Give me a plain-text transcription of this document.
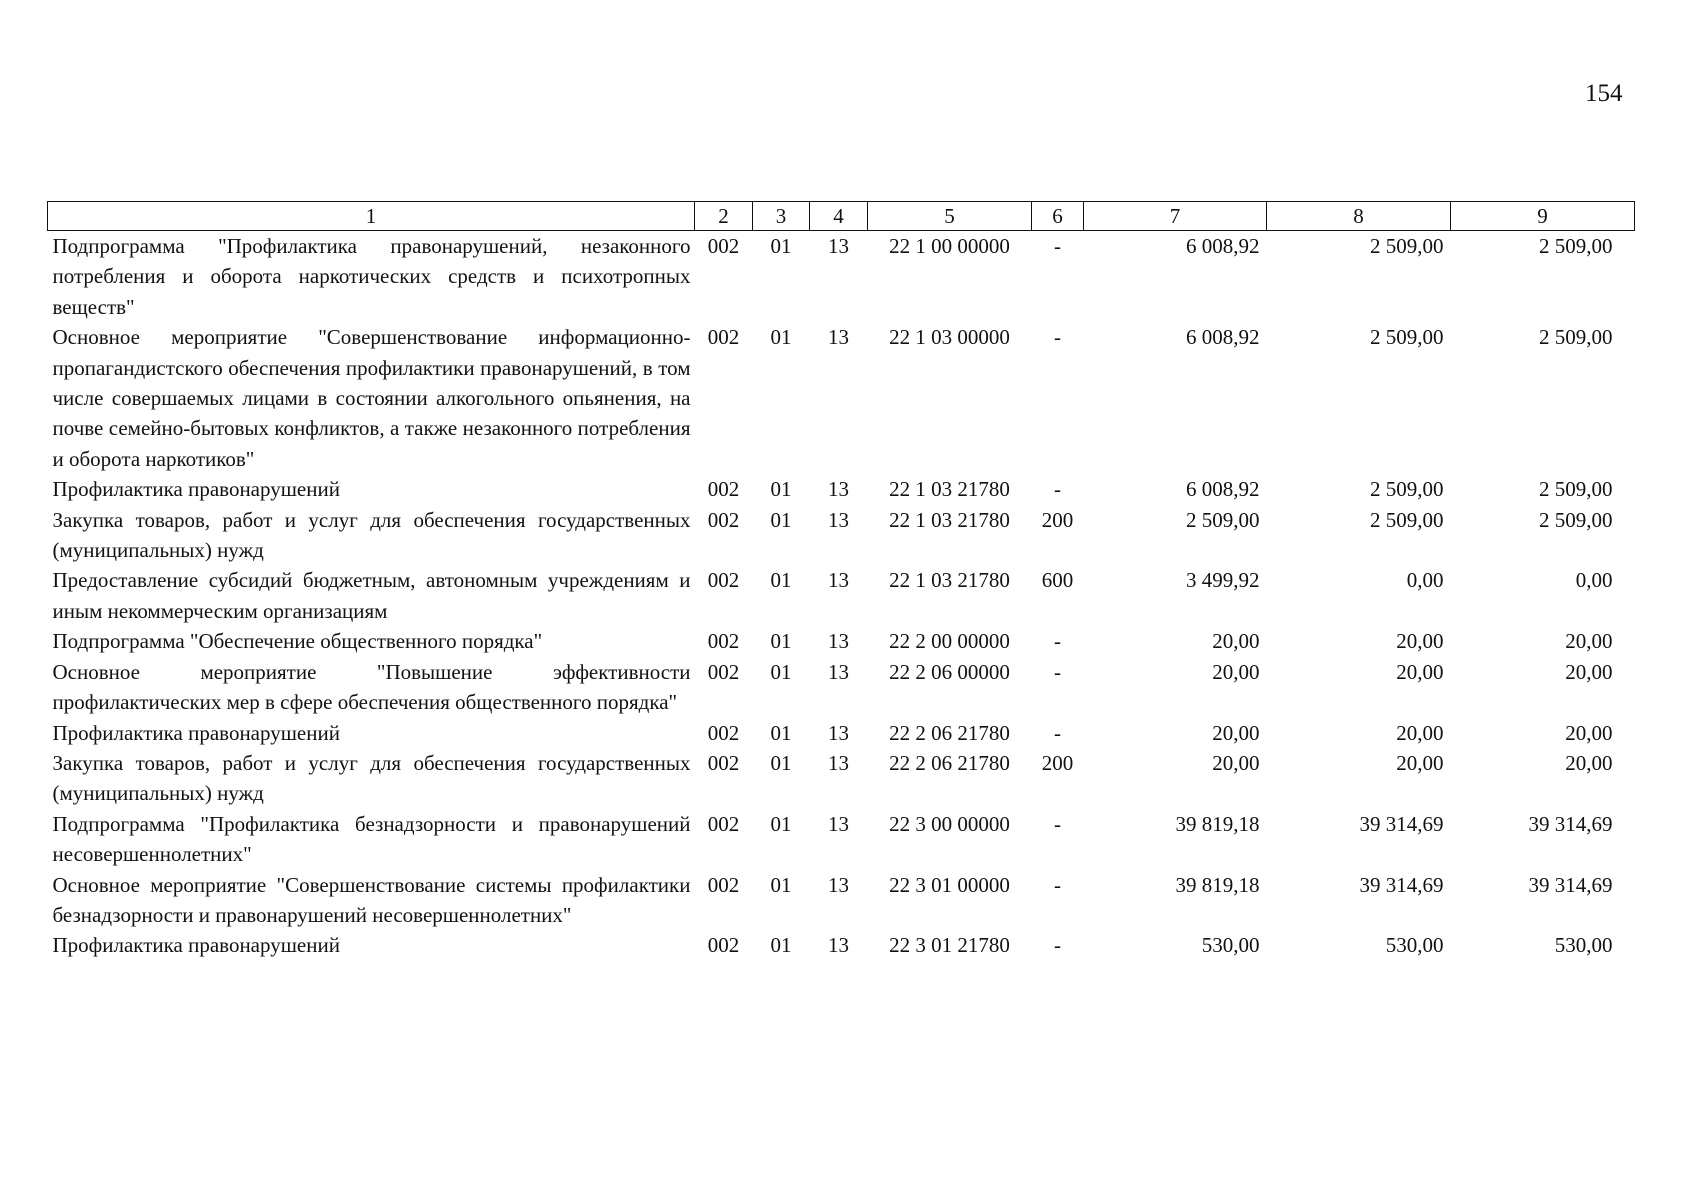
154
1	2	3	4	5	6	7	8	9
Подпрограмма "Профилактика правонарушений, незаконного потребления и оборота наркотических средств и психотропных веществ"	002	01	13	22 1 00 00000	-	6 008,92	2 509,00	2 509,00
Основное мероприятие "Совершенствование информационно-пропагандистского обеспечения профилактики правонарушений, в том числе совершаемых лицами в состоянии алкогольного опьянения, на почве семейно-бытовых конфликтов, а также незаконного потребления и оборота наркотиков"	002	01	13	22 1 03 00000	-	6 008,92	2 509,00	2 509,00
Профилактика правонарушений	002	01	13	22 1 03 21780	-	6 008,92	2 509,00	2 509,00
Закупка товаров, работ и услуг для обеспечения государственных (муниципальных) нужд	002	01	13	22 1 03 21780	200	2 509,00	2 509,00	2 509,00
Предоставление субсидий бюджетным, автономным учреждениям и иным некоммерческим организациям	002	01	13	22 1 03 21780	600	3 499,92	0,00	0,00
Подпрограмма "Обеспечение общественного порядка"	002	01	13	22 2 00 00000	-	20,00	20,00	20,00
Основное мероприятие "Повышение эффективности профилактических мер в сфере обеспечения общественного порядка"	002	01	13	22 2 06 00000	-	20,00	20,00	20,00
Профилактика правонарушений	002	01	13	22 2 06 21780	-	20,00	20,00	20,00
Закупка товаров, работ и услуг для обеспечения государственных (муниципальных) нужд	002	01	13	22 2 06 21780	200	20,00	20,00	20,00
Подпрограмма "Профилактика безнадзорности и правонарушений несовершеннолетних"	002	01	13	22 3 00 00000	-	39 819,18	39 314,69	39 314,69
Основное мероприятие "Совершенствование системы профилактики безнадзорности и правонарушений несовершеннолетних"	002	01	13	22 3 01 00000	-	39 819,18	39 314,69	39 314,69
Профилактика правонарушений	002	01	13	22 3 01 21780	-	530,00	530,00	530,00
